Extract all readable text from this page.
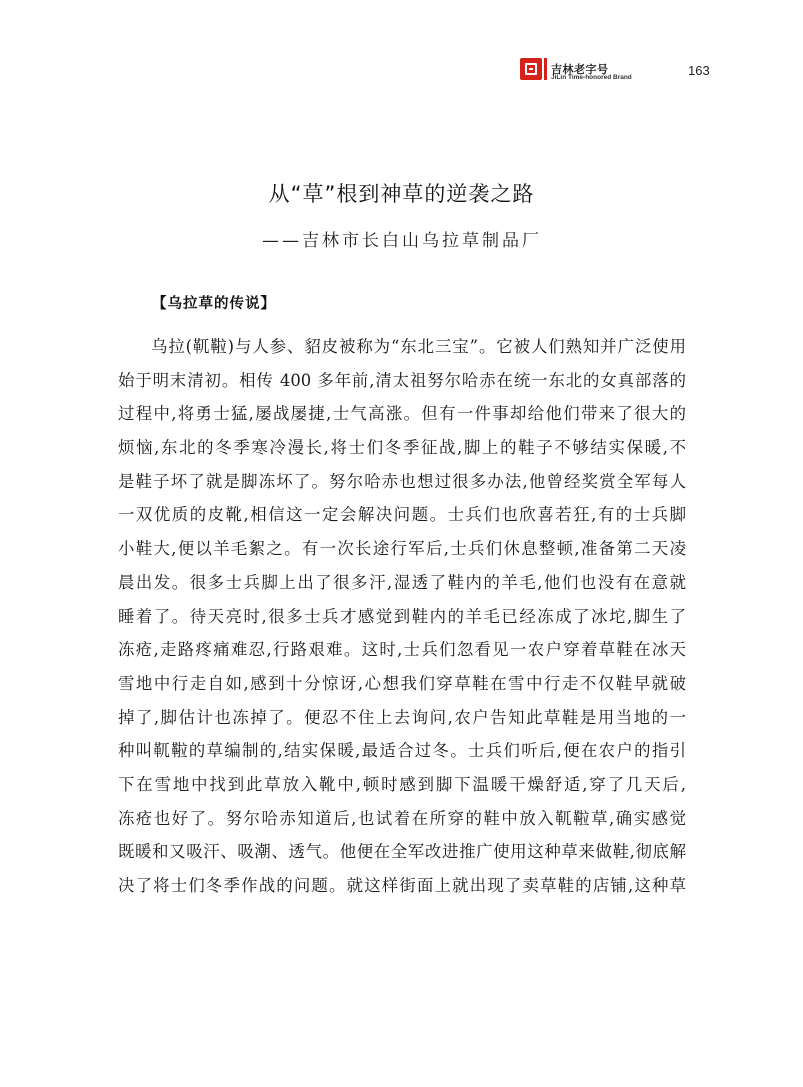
吉林老字号
JiLin Time-honored Brand	163
从“草”根到神草的逆袭之路
——吉林市长白山乌拉草制品厂
【乌拉草的传说】
乌拉(靰鞡)与人参、貂皮被称为“东北三宝”。它被人们熟知并广泛使用
始于明末清初。相传 400 多年前,清太祖努尔哈赤在统一东北的女真部落的
过程中,将勇士猛,屡战屡捷,士气高涨。但有一件事却给他们带来了很大的
烦恼,东北的冬季寒冷漫长,将士们冬季征战,脚上的鞋子不够结实保暖,不
是鞋子坏了就是脚冻坏了。努尔哈赤也想过很多办法,他曾经奖赏全军每人
一双优质的皮靴,相信这一定会解决问题。士兵们也欣喜若狂,有的士兵脚
小鞋大,便以羊毛絮之。有一次长途行军后,士兵们休息整顿,准备第二天凌
晨出发。很多士兵脚上出了很多汗,湿透了鞋内的羊毛,他们也没有在意就
睡着了。待天亮时,很多士兵才感觉到鞋内的羊毛已经冻成了冰坨,脚生了
冻疮,走路疼痛难忍,行路艰难。这时,士兵们忽看见一农户穿着草鞋在冰天
雪地中行走自如,感到十分惊讶,心想我们穿草鞋在雪中行走不仅鞋早就破
掉了,脚估计也冻掉了。便忍不住上去询问,农户告知此草鞋是用当地的一
种叫靰鞡的草编制的,结实保暖,最适合过冬。士兵们听后,便在农户的指引
下在雪地中找到此草放入靴中,顿时感到脚下温暖干燥舒适,穿了几天后,
冻疮也好了。努尔哈赤知道后,也试着在所穿的鞋中放入靰鞡草,确实感觉
既暖和又吸汗、吸潮、透气。他便在全军改进推广使用这种草来做鞋,彻底解
决了将士们冬季作战的问题。就这样街面上就出现了卖草鞋的店铺,这种草
